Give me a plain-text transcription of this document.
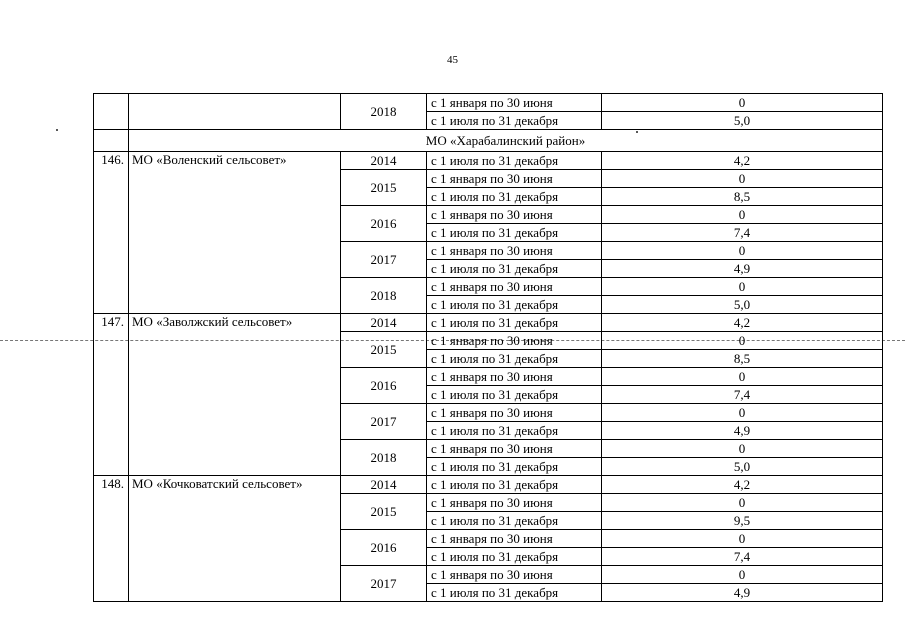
45
		2018	с 1 января по 30 июня	0
			с 1 июля по 31 декабря	5,0
	МО «Харабалинский район»			
146.	МО «Воленский сельсовет»	2014	с 1 июля по 31 декабря	4,2
		2015	с 1 января по 30 июня	0
			с 1 июля по 31 декабря	8,5
		2016	с 1 января по 30 июня	0
			с 1 июля по 31 декабря	7,4
		2017	с 1 января по 30 июня	0
			с 1 июля по 31 декабря	4,9
		2018	с 1 января по 30 июня	0
			с 1 июля по 31 декабря	5,0
147.	МО «Заволжский сельсовет»	2014	с 1 июля по 31 декабря	4,2
		2015	с 1 января по 30 июня	0
			с 1 июля по 31 декабря	8,5
		2016	с 1 января по 30 июня	0
			с 1 июля по 31 декабря	7,4
		2017	с 1 января по 30 июня	0
			с 1 июля по 31 декабря	4,9
		2018	с 1 января по 30 июня	0
			с 1 июля по 31 декабря	5,0
148.	МО «Кочковатский сельсовет»	2014	с 1 июля по 31 декабря	4,2
		2015	с 1 января по 30 июня	0
			с 1 июля по 31 декабря	9,5
		2016	с 1 января по 30 июня	0
			с 1 июля по 31 декабря	7,4
		2017	с 1 января по 30 июня	0
			с 1 июля по 31 декабря	4,9
